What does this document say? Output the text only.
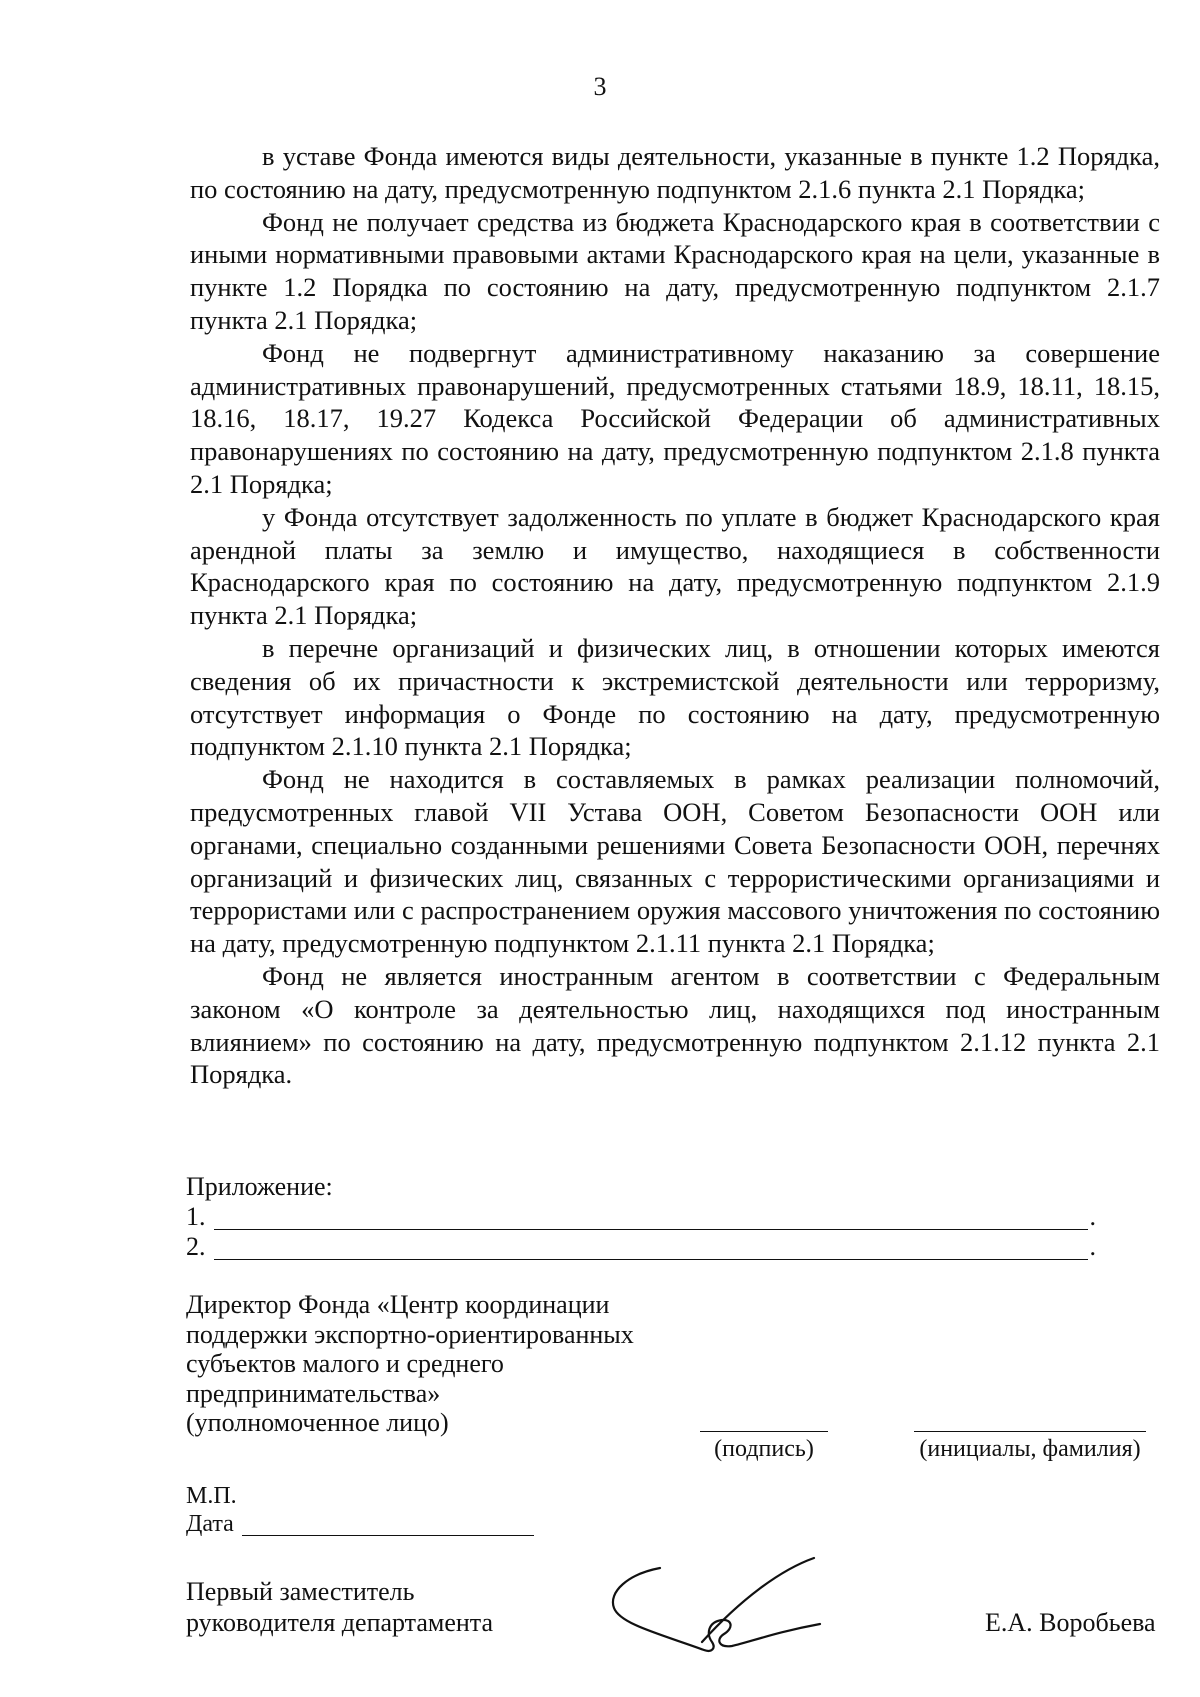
3

в уставе Фонда имеются виды деятельности, указанные в пункте 1.2 Порядка, по состоянию на дату, предусмотренную подпунктом 2.1.6 пункта 2.1 Порядка;

Фонд не получает средства из бюджета Краснодарского края в соответствии с иными нормативными правовыми актами Краснодарского края на цели, указанные в пункте 1.2 Порядка по состоянию на дату, предусмотренную подпунктом 2.1.7 пункта 2.1 Порядка;

Фонд не подвергнут административному наказанию за совершение административных правонарушений, предусмотренных статьями 18.9, 18.11, 18.15, 18.16, 18.17, 19.27 Кодекса Российской Федерации об административных правонарушениях по состоянию на дату, предусмотренную подпунктом 2.1.8 пункта 2.1 Порядка;

у Фонда отсутствует задолженность по уплате в бюджет Краснодарского края арендной платы за землю и имущество, находящиеся в собственности Краснодарского края по состоянию на дату, предусмотренную подпунктом 2.1.9 пункта 2.1 Порядка;

в перечне организаций и физических лиц, в отношении которых имеются сведения об их причастности к экстремистской деятельности или терроризму, отсутствует информация о Фонде по состоянию на дату, предусмотренную подпунктом 2.1.10 пункта 2.1 Порядка;

Фонд не находится в составляемых в рамках реализации полномочий, предусмотренных главой VII Устава ООН, Советом Безопасности ООН или органами, специально созданными решениями Совета Безопасности ООН, перечнях организаций и физических лиц, связанных с террористическими организациями и террористами или с распространением оружия массового уничтожения по состоянию на дату, предусмотренную подпунктом 2.1.11 пункта 2.1 Порядка;

Фонд не является иностранным агентом в соответствии с Федеральным законом «О контроле за деятельностью лиц, находящихся под иностранным влиянием» по состоянию на дату, предусмотренную подпунктом 2.1.12 пункта 2.1 Порядка.

Приложение:
1.	.
2.	.
Директор Фонда «Центр координации
поддержки экспортно-ориентированных
субъектов малого и среднего
предпринимательства»
(уполномоченное лицо)
(подпись)	(инициалы, фамилия)
М.П.
Дата
Первый заместитель
руководителя департамента	Е.А. Воробьева
